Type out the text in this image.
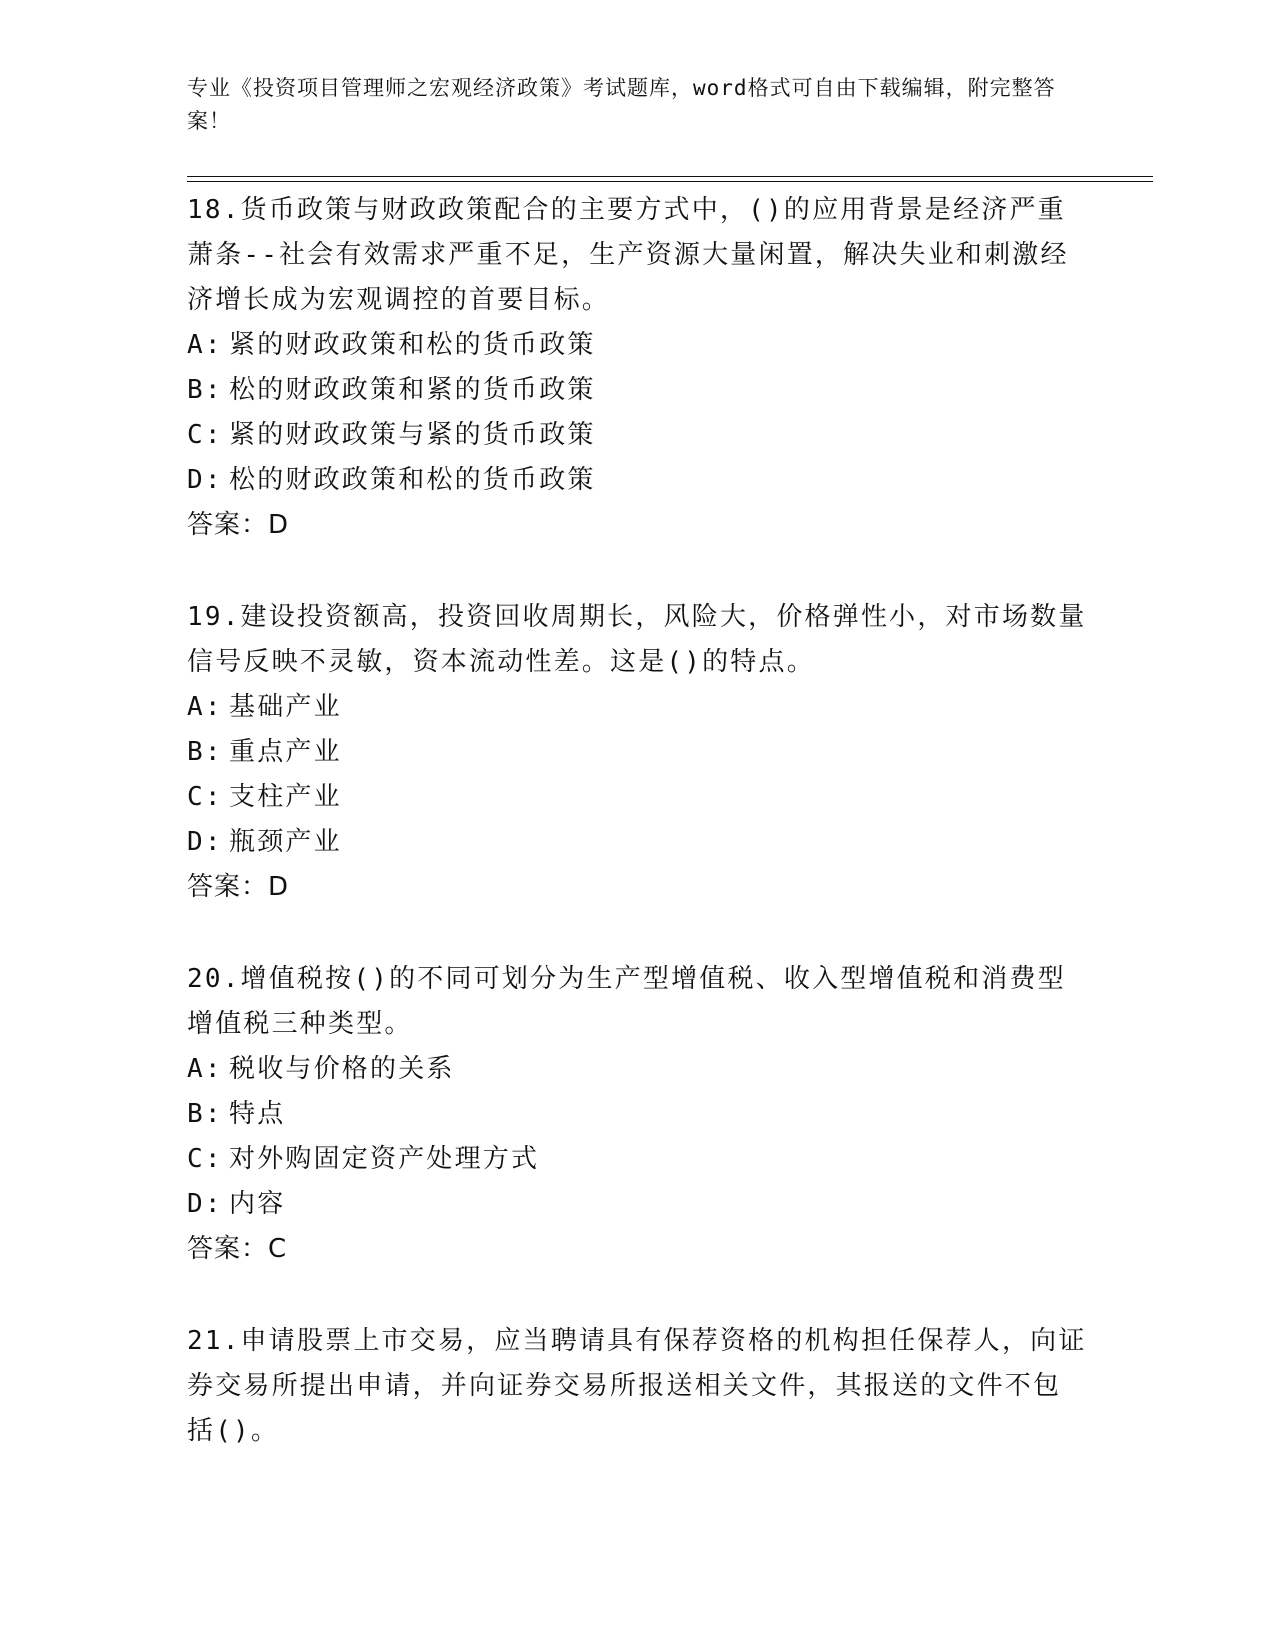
专业《投资项目管理师之宏观经济政策》考试题库，word格式可自由下载编辑，附完整答案！

18.货币政策与财政政策配合的主要方式中，()的应用背景是经济严重萧条--社会有效需求严重不足，生产资源大量闲置，解决失业和刺激经济增长成为宏观调控的首要目标。

A: 紧的财政政策和松的货币政策

B: 松的财政政策和紧的货币政策

C: 紧的财政政策与紧的货币政策

D: 松的财政政策和松的货币政策

答案：D

19.建设投资额高，投资回收周期长，风险大，价格弹性小，对市场数量信号反映不灵敏，资本流动性差。这是()的特点。

A: 基础产业

B: 重点产业

C: 支柱产业

D: 瓶颈产业

答案：D

20.增值税按()的不同可划分为生产型增值税、收入型增值税和消费型增值税三种类型。

A: 税收与价格的关系

B: 特点

C: 对外购固定资产处理方式

D: 内容

答案：C

21.申请股票上市交易，应当聘请具有保荐资格的机构担任保荐人，向证券交易所提出申请，并向证券交易所报送相关文件，其报送的文件不包括()。
